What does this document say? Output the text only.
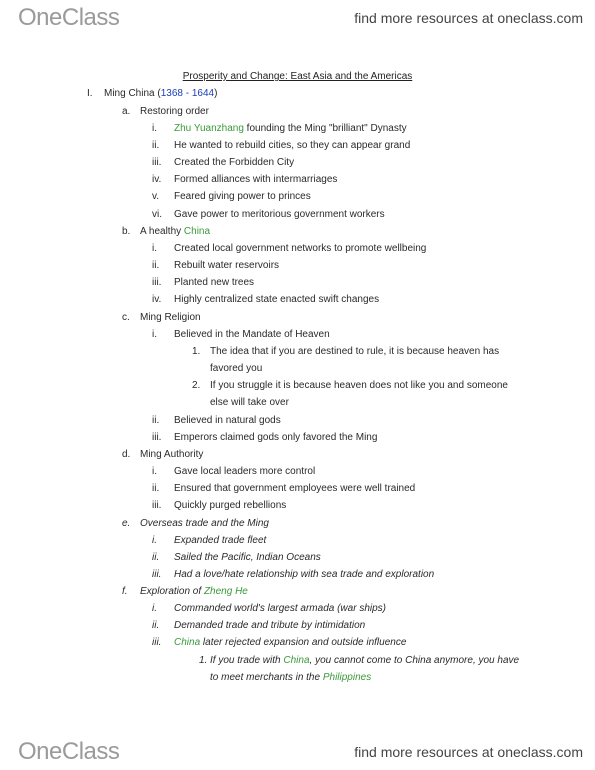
OneClass	find more resources at oneclass.com
Prosperity and Change: East Asia and the Americas
I. Ming China (1368 - 1644)
a. Restoring order
i. Zhu Yuanzhang founding the Ming "brilliant" Dynasty
ii. He wanted to rebuild cities, so they can appear grand
iii. Created the Forbidden City
iv. Formed alliances with intermarriages
v. Feared giving power to princes
vi. Gave power to meritorious government workers
b. A healthy China
i. Created local government networks to promote wellbeing
ii. Rebuilt water reservoirs
iii. Planted new trees
iv. Highly centralized state enacted swift changes
c. Ming Religion
i. Believed in the Mandate of Heaven
1. The idea that if you are destined to rule, it is because heaven has
favored you
2. If you struggle it is because heaven does not like you and someone
else will take over
ii. Believed in natural gods
iii. Emperors claimed gods only favored the Ming
d. Ming Authority
i. Gave local leaders more control
ii. Ensured that government employees were well trained
iii. Quickly purged rebellions
e. Overseas trade and the Ming
i. Expanded trade fleet
ii. Sailed the Pacific, Indian Oceans
iii. Had a love/hate relationship with sea trade and exploration
f. Exploration of Zheng He
i. Commanded world's largest armada (war ships)
ii. Demanded trade and tribute by intimidation
iii. China later rejected expansion and outside influence
1. If you trade with China, you cannot come to China anymore, you have
to meet merchants in the Philippines
OneClass	find more resources at oneclass.com
